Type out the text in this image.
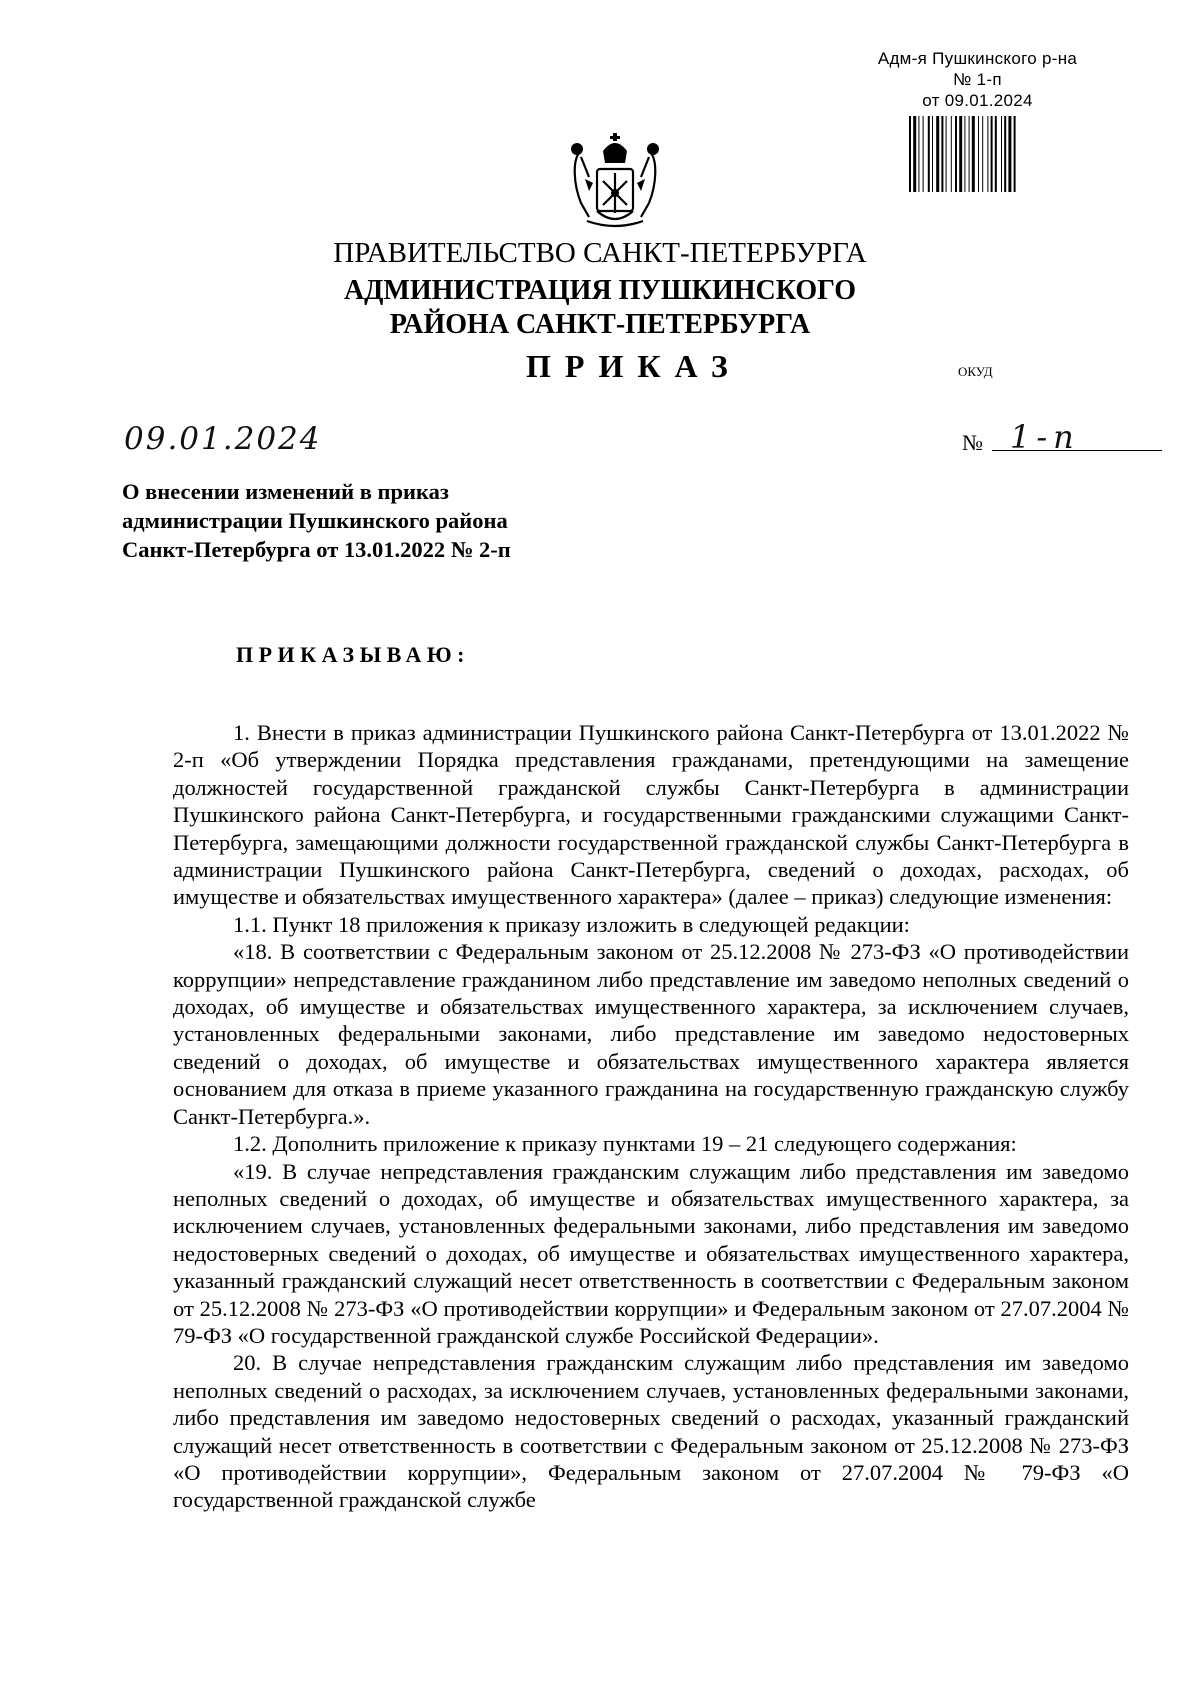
Адм-я Пушкинского р-на
№ 1-п
от 09.01.2024
ПРАВИТЕЛЬСТВО САНКТ-ПЕТЕРБУРГА
АДМИНИСТРАЦИЯ ПУШКИНСКОГО
РАЙОНА САНКТ-ПЕТЕРБУРГА
ПРИКАЗ	ОКУД
09.01.2024	№ 1-п
О внесении изменений в приказ
администрации Пушкинского района
Санкт-Петербурга от 13.01.2022 № 2-п
ПРИКАЗЫВАЮ:

1. Внести в приказ администрации Пушкинского района Санкт-Петербурга от 13.01.2022 № 2-п «Об утверждении Порядка представления гражданами, претендующими на замещение должностей государственной гражданской службы Санкт-Петербурга в администрации Пушкинского района Санкт-Петербурга, и государственными гражданскими служащими Санкт-Петербурга, замещающими должности государственной гражданской службы Санкт-Петербурга в администрации Пушкинского района Санкт-Петербурга, сведений о доходах, расходах, об имуществе и обязательствах имущественного характера» (далее – приказ) следующие изменения:

1.1. Пункт 18 приложения к приказу изложить в следующей редакции:

«18. В соответствии с Федеральным законом от 25.12.2008 № 273-ФЗ «О противодействии коррупции» непредставление гражданином либо представление им заведомо неполных сведений о доходах, об имуществе и обязательствах имущественного характера, за исключением случаев, установленных федеральными законами, либо представление им заведомо недостоверных сведений о доходах, об имуществе и обязательствах имущественного характера является основанием для отказа в приеме указанного гражданина на государственную гражданскую службу Санкт-Петербурга.».

1.2. Дополнить приложение к приказу пунктами 19 – 21 следующего содержания:

«19. В случае непредставления гражданским служащим либо представления им заведомо неполных сведений о доходах, об имуществе и обязательствах имущественного характера, за исключением случаев, установленных федеральными законами, либо представления им заведомо недостоверных сведений о доходах, об имуществе и обязательствах имущественного характера, указанный гражданский служащий несет ответственность в соответствии с Федеральным законом от 25.12.2008 № 273-ФЗ «О противодействии коррупции» и Федеральным законом от 27.07.2004 № 79-ФЗ «О государственной гражданской службе Российской Федерации».

20. В случае непредставления гражданским служащим либо представления им заведомо неполных сведений о расходах, за исключением случаев, установленных федеральными законами, либо представления им заведомо недостоверных сведений о расходах, указанный гражданский служащий несет ответственность в соответствии с Федеральным законом от 25.12.2008 № 273-ФЗ «О противодействии коррупции», Федеральным законом от 27.07.2004 № 79-ФЗ «О государственной гражданской службе
